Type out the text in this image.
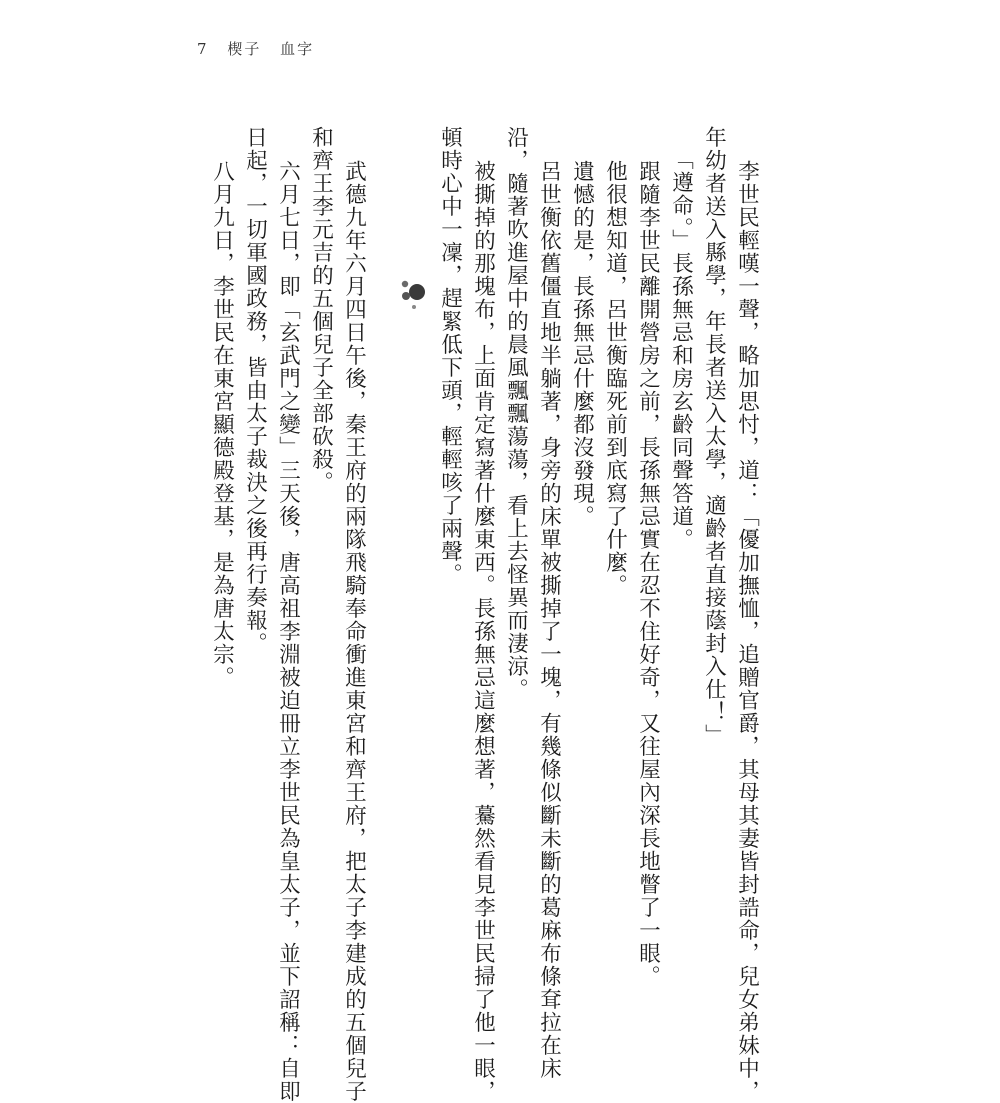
7 楔子 血字
李世民輕嘆一聲，略加思忖，道：「優加撫恤，追贈官爵，其母其妻皆封誥命，兒女弟妹中，
年幼者送入縣學，年長者送入太學，適齡者直接蔭封入仕！」
「遵命。」長孫無忌和房玄齡同聲答道。
跟隨李世民離開營房之前，長孫無忌實在忍不住好奇，又往屋內深長地瞥了一眼。
他很想知道，呂世衡臨死前到底寫了什麼。
遺憾的是，長孫無忌什麼都沒發現。
呂世衡依舊僵直地半躺著，身旁的床單被撕掉了一塊，有幾條似斷未斷的葛麻布條耷拉在床
沿，隨著吹進屋中的晨風飄飄蕩蕩，看上去怪異而淒涼。
被撕掉的那塊布，上面肯定寫著什麼東西。長孫無忌這麼想著，驀然看見李世民掃了他一眼，
頓時心中一凜，趕緊低下頭，輕輕咳了兩聲。
武德九年六月四日午後，秦王府的兩隊飛騎奉命衝進東宮和齊王府，把太子李建成的五個兒子
和齊王李元吉的五個兒子全部砍殺。
六月七日，即「玄武門之變」三天後，唐高祖李淵被迫冊立李世民為皇太子，並下詔稱：自即
日起，一切軍國政務，皆由太子裁決之後再行奏報。
八月九日，李世民在東宮顯德殿登基，是為唐太宗。
